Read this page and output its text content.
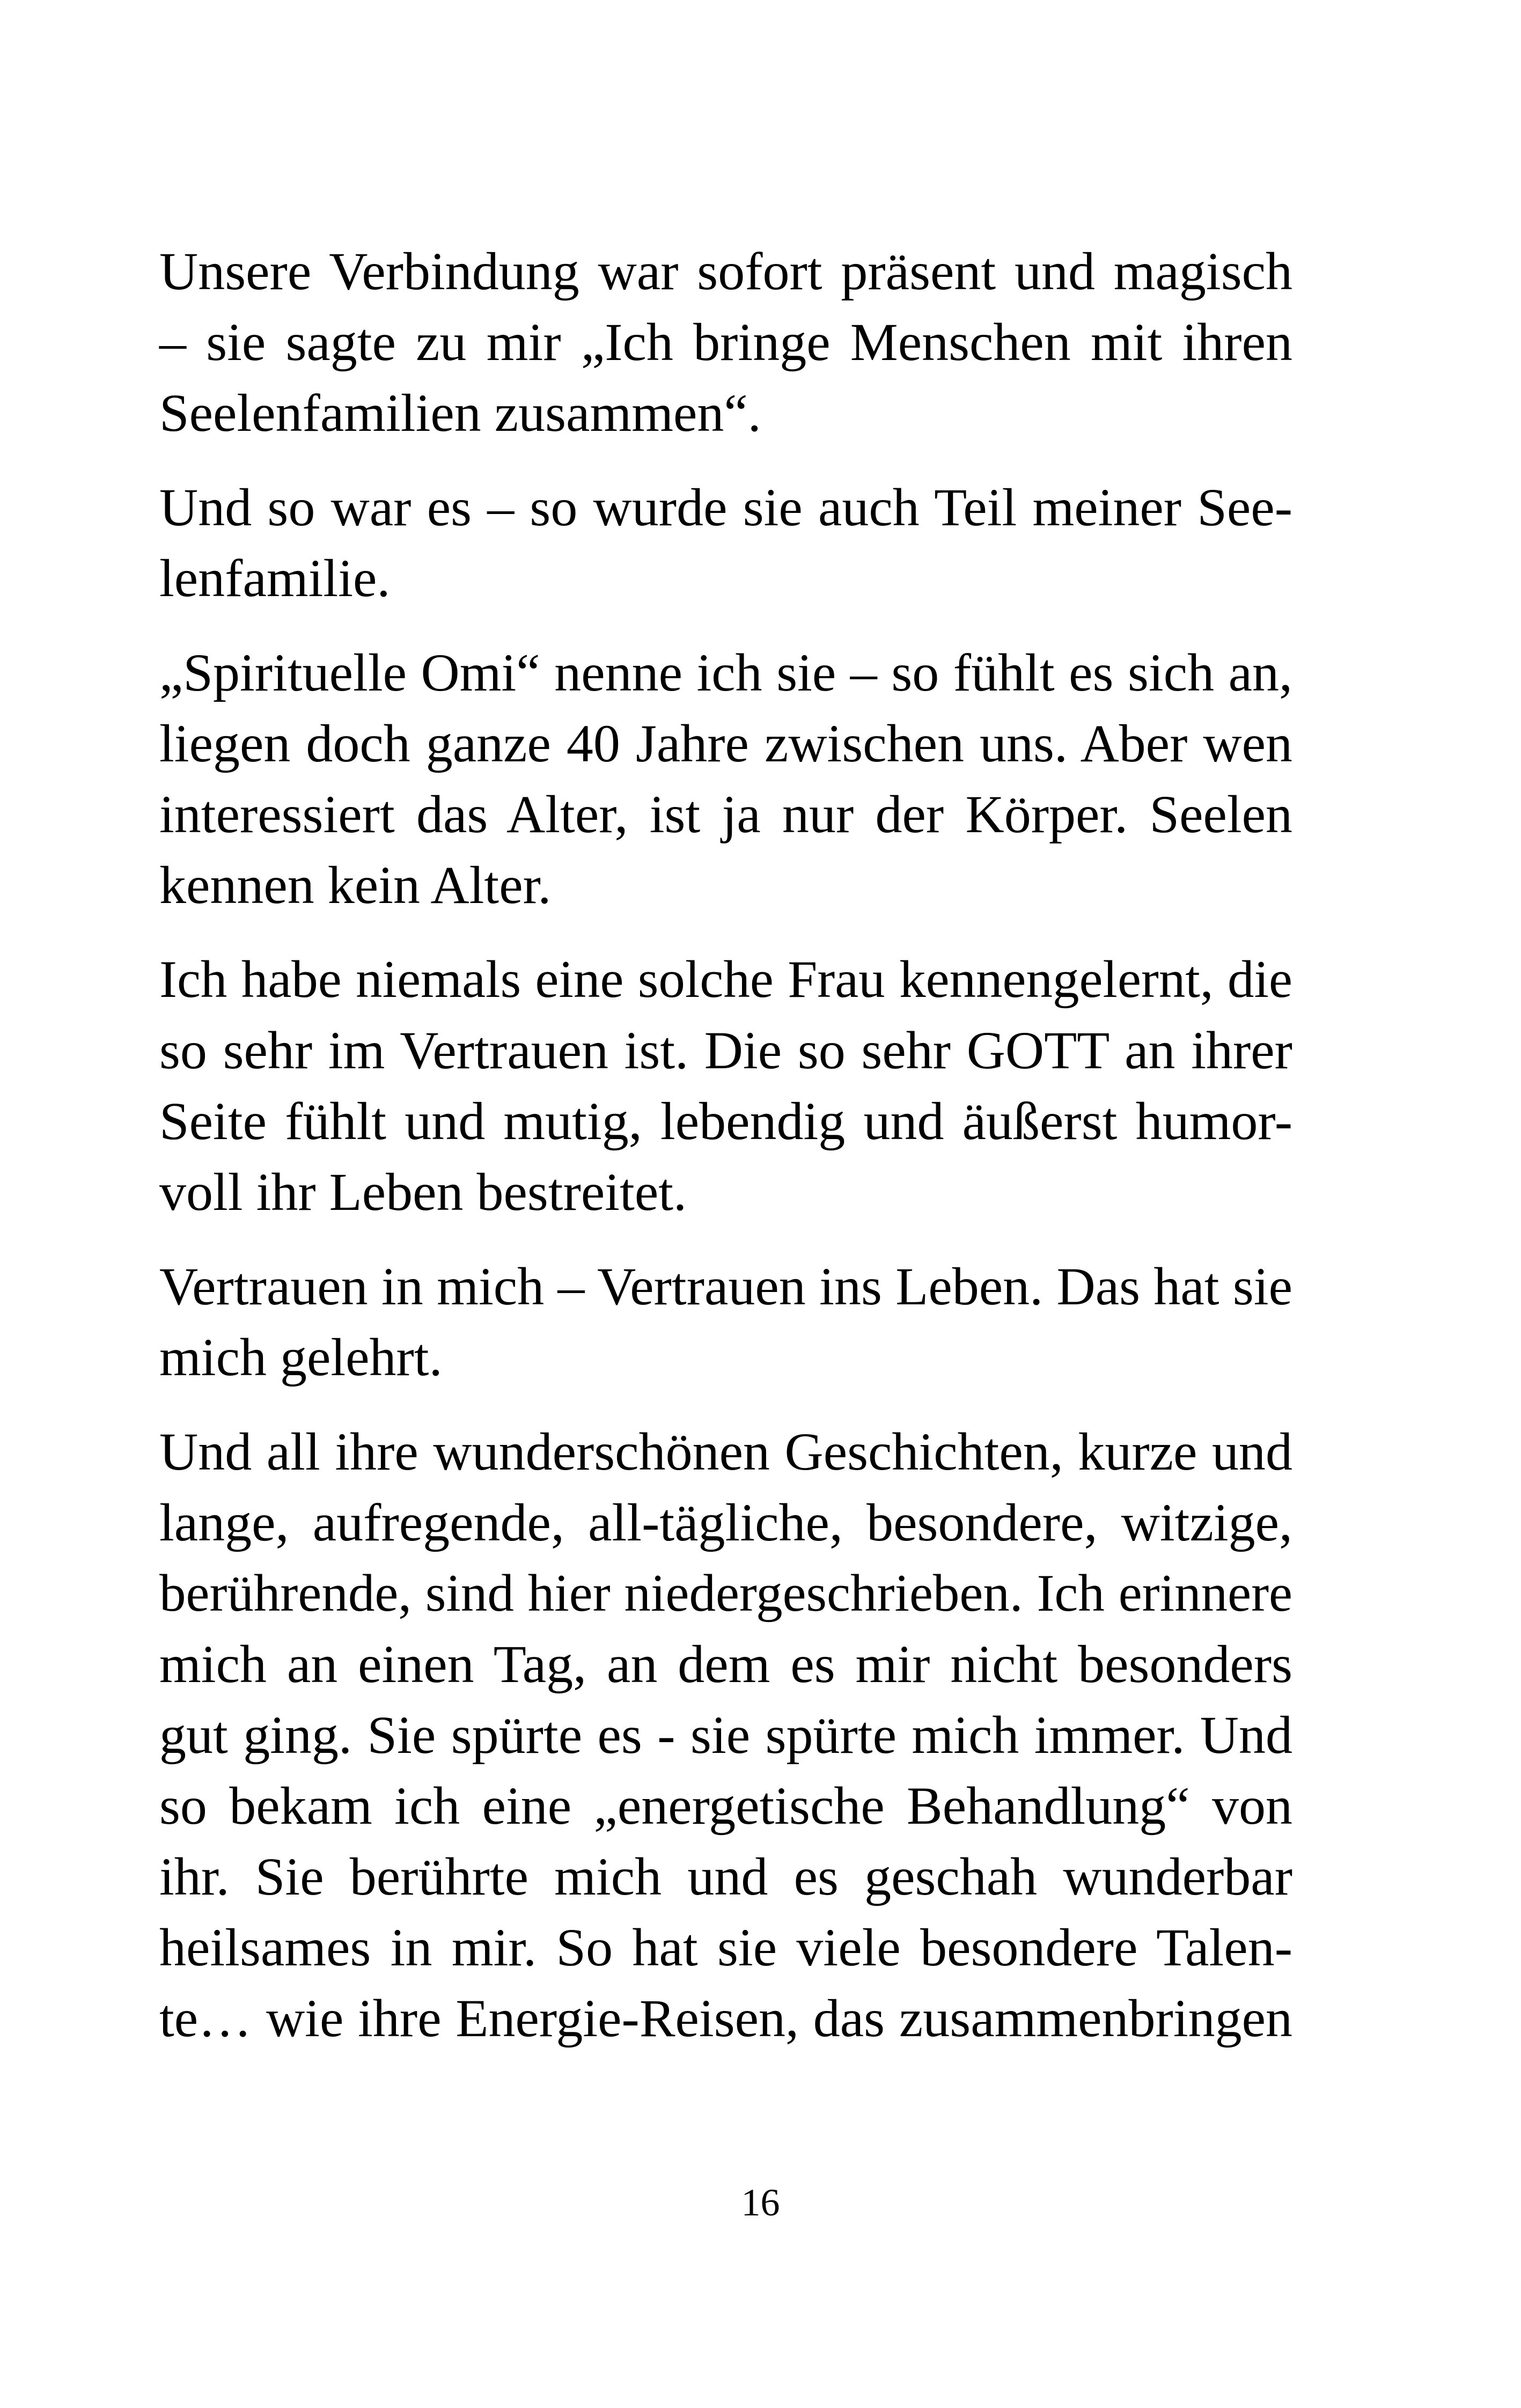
Unsere Verbindung war sofort präsent und magisch
– sie sagte zu mir „Ich bringe Menschen mit ihren
Seelenfamilien zusammen“.

Und so war es – so wurde sie auch Teil meiner See-
lenfamilie.

„Spirituelle Omi“ nenne ich sie – so fühlt es sich an,
liegen doch ganze 40 Jahre zwischen uns. Aber wen
interessiert das Alter, ist ja nur der Körper. Seelen
kennen kein Alter.

Ich habe niemals eine solche Frau kennengelernt, die
so sehr im Vertrauen ist. Die so sehr GOTT an ihrer
Seite fühlt und mutig, lebendig und äußerst humor-
voll ihr Leben bestreitet.

Vertrauen in mich – Vertrauen ins Leben. Das hat sie
mich gelehrt.

Und all ihre wunderschönen Geschichten, kurze und
lange, aufregende, all-tägliche, besondere, witzige,
berührende, sind hier niedergeschrieben. Ich erinnere
mich an einen Tag, an dem es mir nicht besonders
gut ging. Sie spürte es - sie spürte mich immer. Und
so bekam ich eine „energetische Behandlung“ von
ihr. Sie berührte mich und es geschah wunderbar
heilsames in mir. So hat sie viele besondere Talen-
te… wie ihre Energie-Reisen, das zusammenbringen

16
